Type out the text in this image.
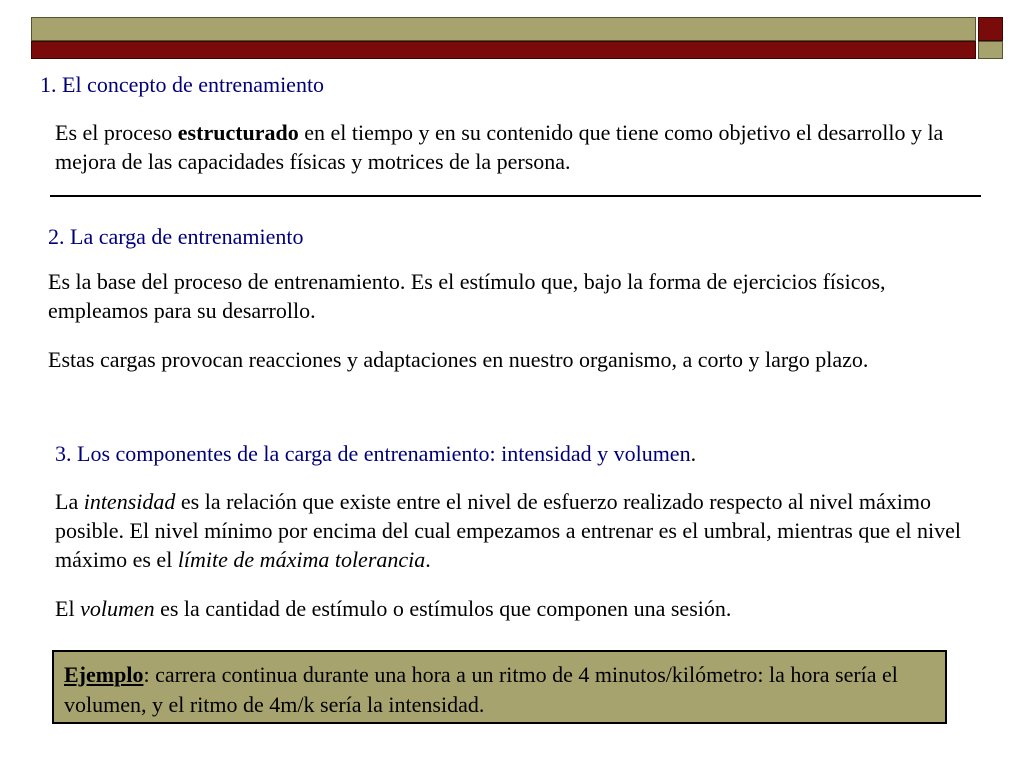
1. El concepto de entrenamiento

Es el proceso estructurado en el tiempo y en su contenido que tiene como objetivo el desarrollo y la mejora de las capacidades físicas y motrices de la persona.

2. La carga de entrenamiento

Es la base del proceso de entrenamiento. Es el estímulo que, bajo la forma de ejercicios físicos, empleamos para su desarrollo.

Estas cargas provocan reacciones y adaptaciones en nuestro organismo, a corto y largo plazo.

3. Los componentes de la carga de entrenamiento: intensidad y volumen.

La intensidad es la relación que existe entre el nivel de esfuerzo realizado respecto al nivel máximo posible. El nivel mínimo por encima del cual empezamos a entrenar es el umbral, mientras que el nivel máximo es el límite de máxima tolerancia.

El volumen es la cantidad de estímulo o estímulos que componen una sesión.

Ejemplo: carrera continua durante una hora a un ritmo de 4 minutos/kilómetro: la hora sería el volumen, y el ritmo de 4m/k sería la intensidad.
